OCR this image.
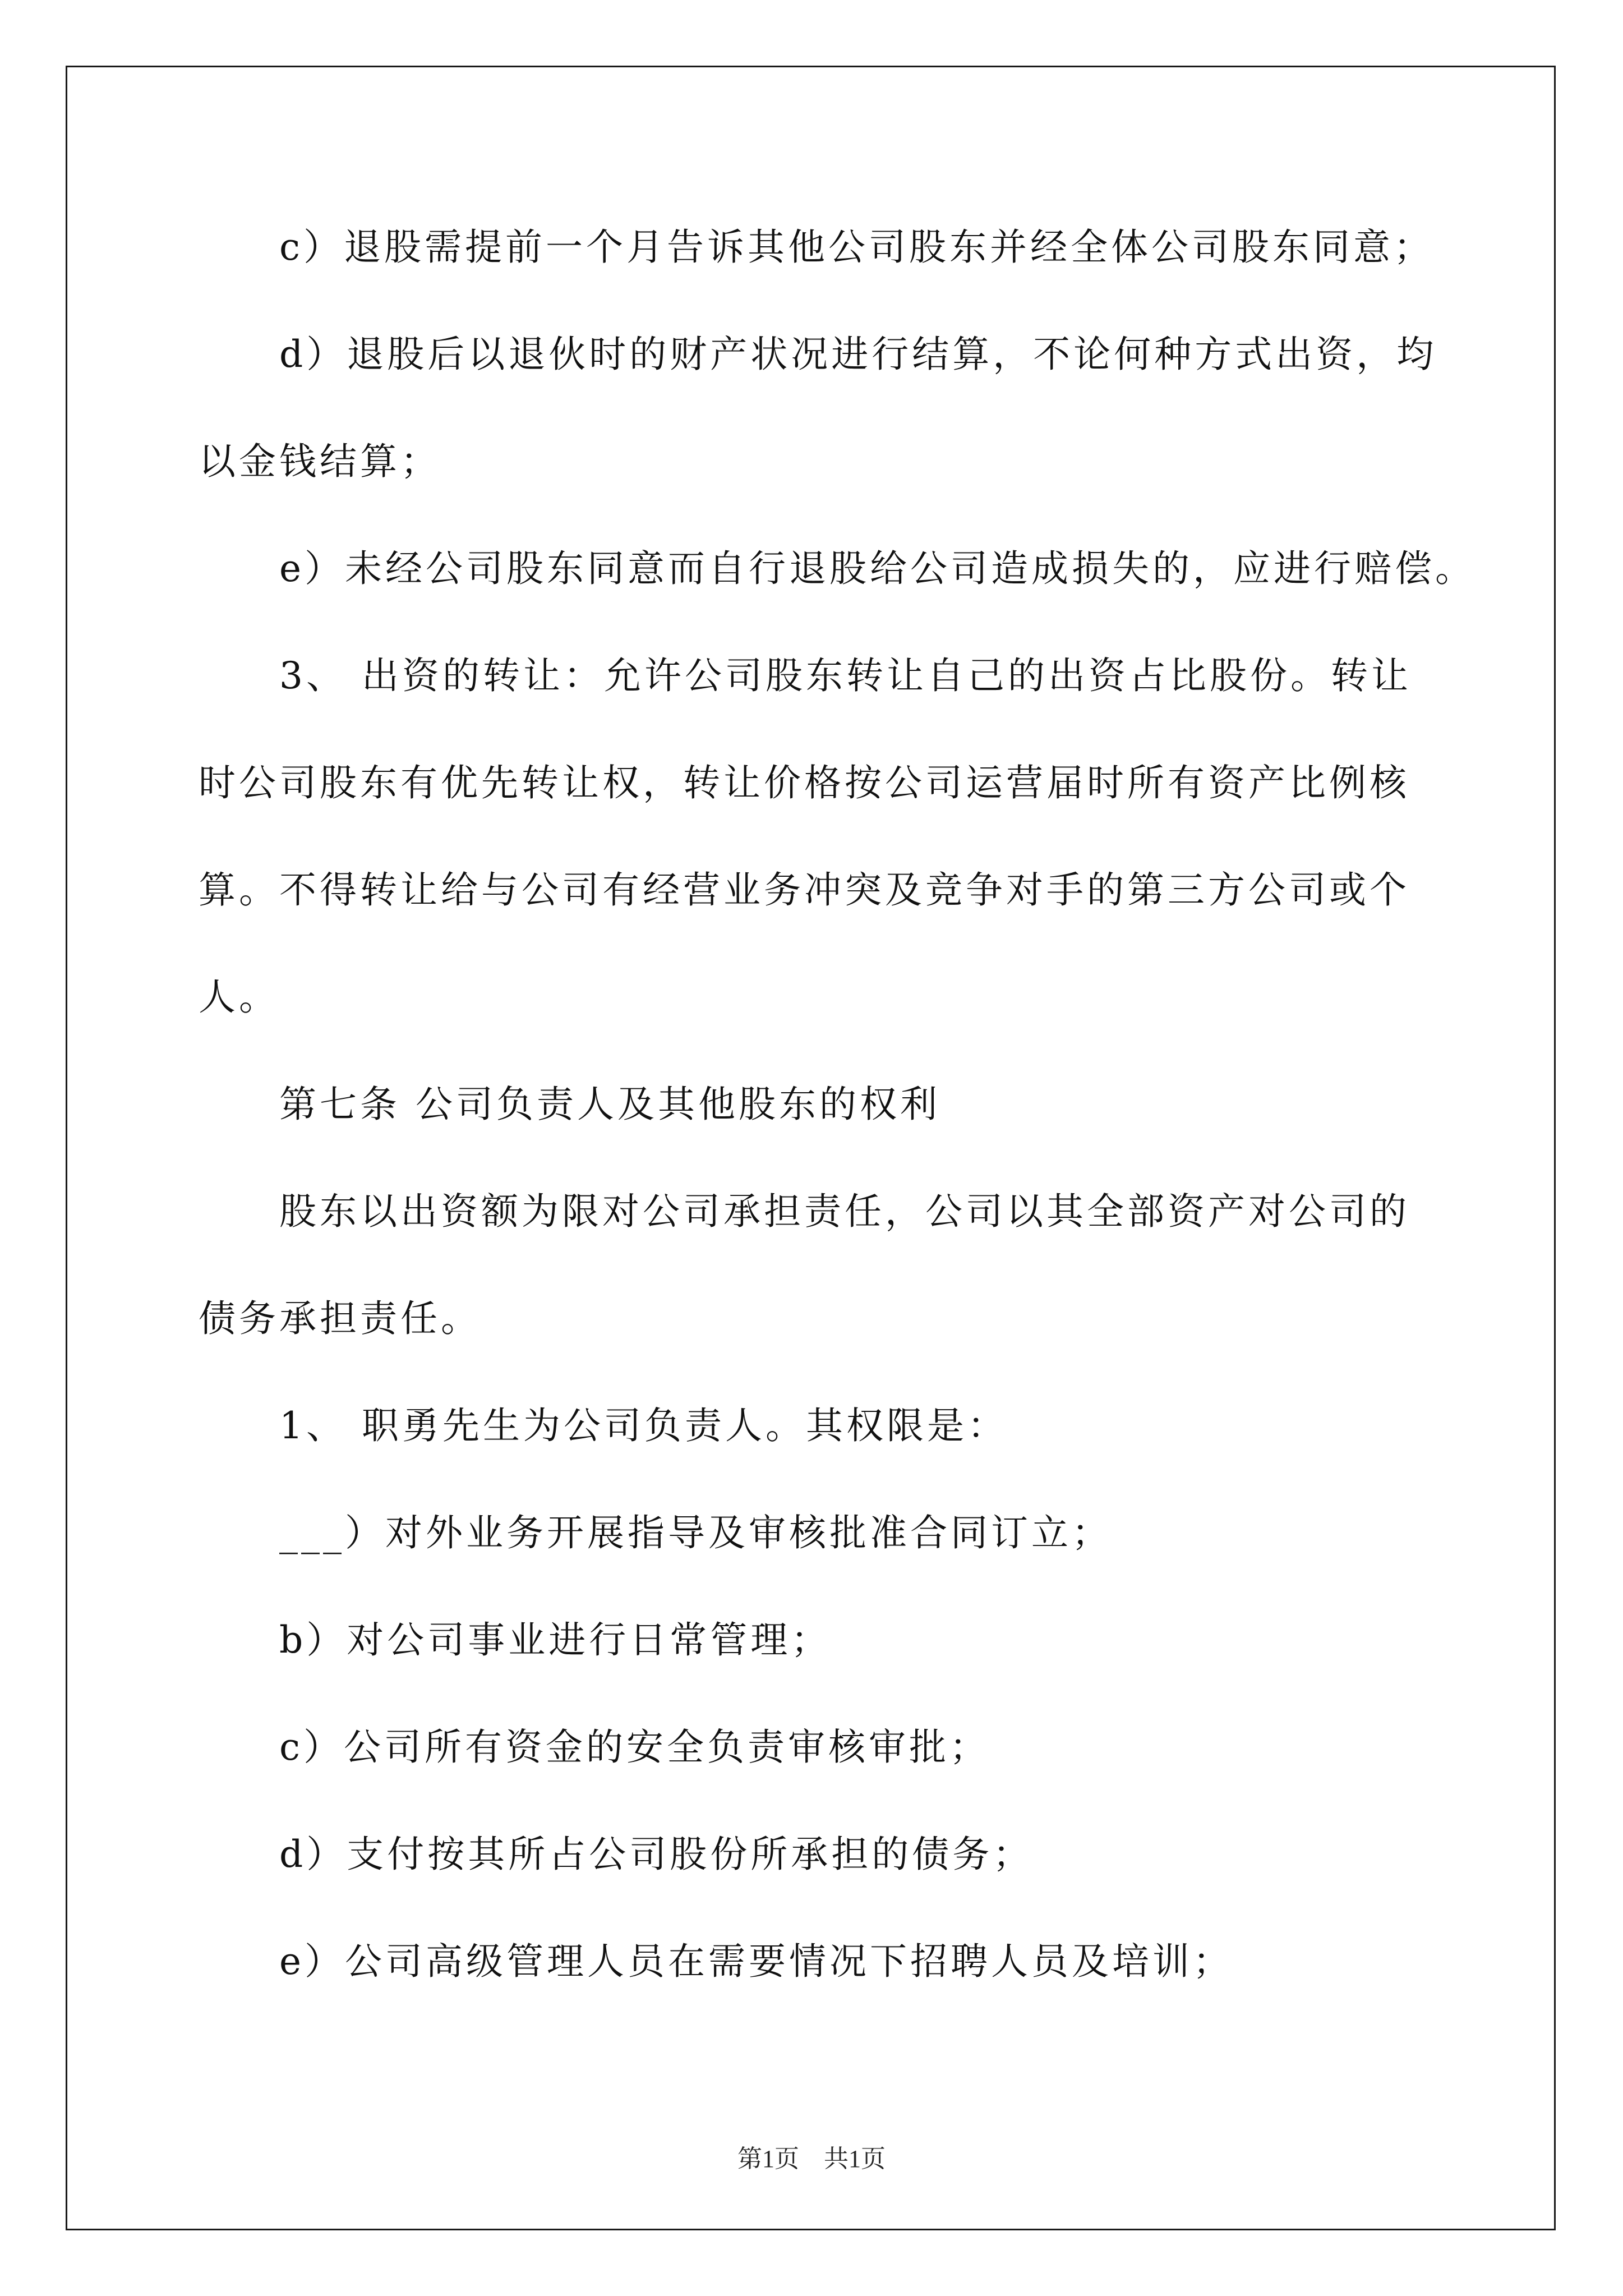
c）退股需提前一个月告诉其他公司股东并经全体公司股东同意；
d）退股后以退伙时的财产状况进行结算，不论何种方式出资，均
以金钱结算；
e）未经公司股东同意而自行退股给公司造成损失的，应进行赔偿。
3、 出资的转让：允许公司股东转让自己的出资占比股份。转让
时公司股东有优先转让权，转让价格按公司运营届时所有资产比例核
算。不得转让给与公司有经营业务冲突及竞争对手的第三方公司或个
人。
第七条 公司负责人及其他股东的权利
股东以出资额为限对公司承担责任，公司以其全部资产对公司的
债务承担责任。
1、 职勇先生为公司负责人。其权限是：
___）对外业务开展指导及审核批准合同订立；
b）对公司事业进行日常管理；
c）公司所有资金的安全负责审核审批；
d）支付按其所占公司股份所承担的债务；
e）公司高级管理人员在需要情况下招聘人员及培训；
第1页　共1页
